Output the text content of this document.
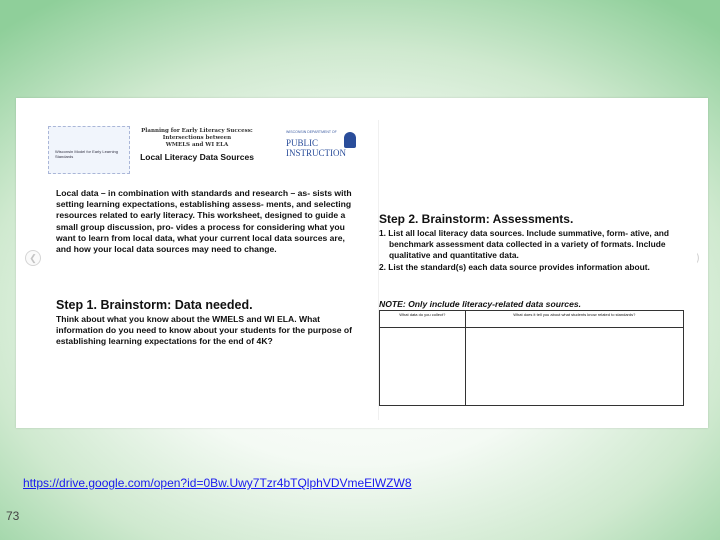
❮
Wisconsin Model for Early Learning Standards
Planning for Early Literacy Success:
Intersections between
WMELS and WI ELA
Local Literacy Data Sources
WISCONSIN DEPARTMENT OF
PUBLIC
INSTRUCTION
Local data – in combination with standards and research – as- sists with setting learning expectations, establishing assess- ments, and selecting resources related to early literacy. This worksheet, designed to guide a small group discussion, pro- vides a process for considering what you want to learn from local data, what your current local data sources are, and how your local data sources may need to change.
Step 1. Brainstorm: Data needed.
Think about what you know about the WMELS and WI ELA. What information do you need to know about your students for the purpose of establishing learning expectations for the end of 4K?
Step 2. Brainstorm: Assessments.
1. List all local literacy data sources. Include summative, form- ative, and benchmark assessment data collected in a variety of formats. Include qualitative and quantitative data.
2. List the standard(s) each data source provides information about.
NOTE: Only include literacy-related data sources.
What data do you collect?	What does it tell you about what students know related to standards?

https://drive.google.com/open?id=0Bw.Uwy7Tzr4bTQlphVDVmeElWZW8
73
